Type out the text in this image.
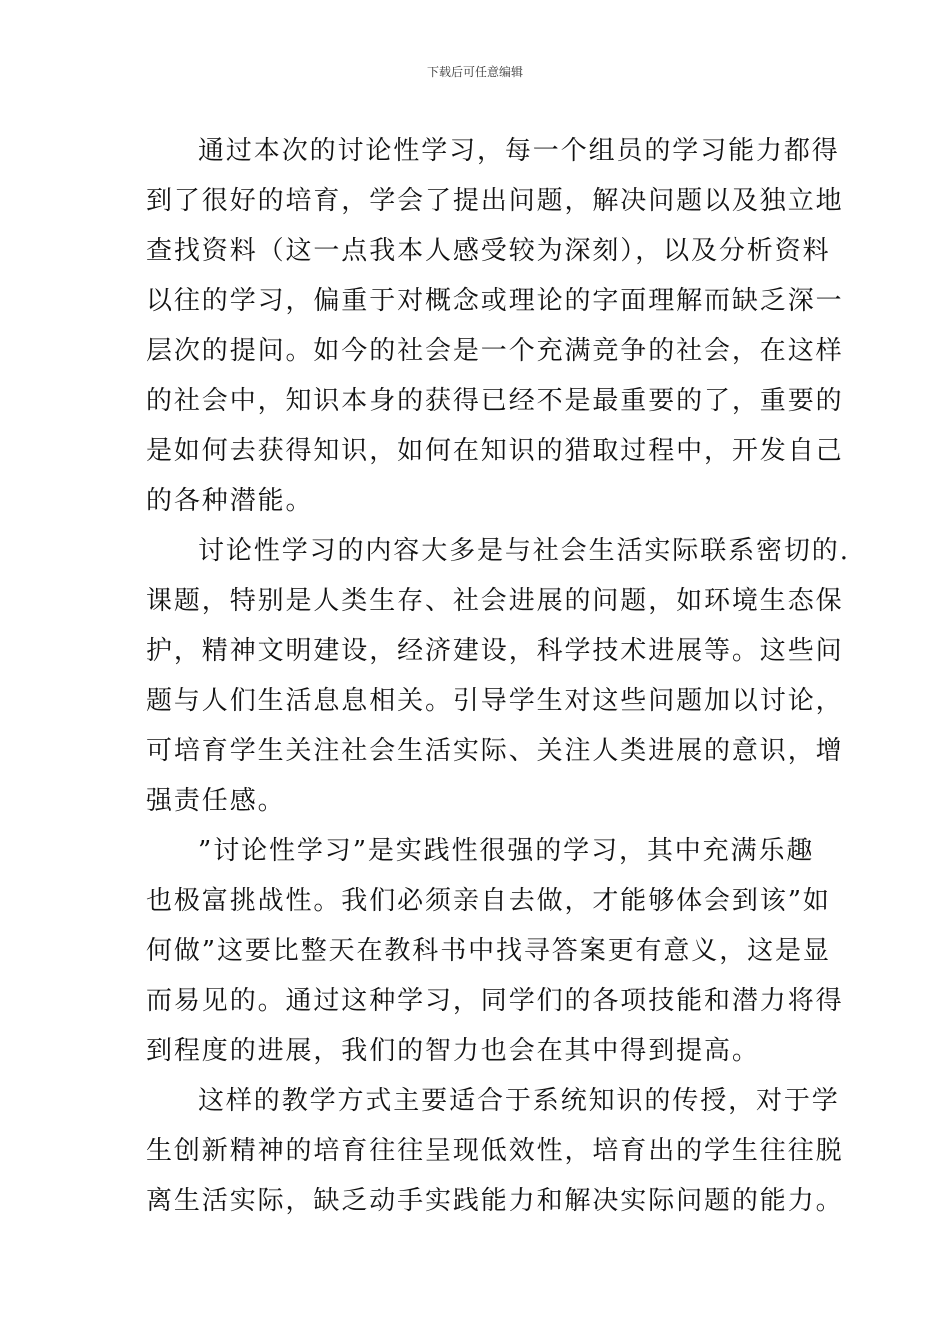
下载后可任意编辑
通过本次的讨论性学习，每一个组员的学习能力都得
到了很好的培育，学会了提出问题，解决问题以及独立地
查找资料（这一点我本人感受较为深刻），以及分析资料
以往的学习，偏重于对概念或理论的字面理解而缺乏深一
层次的提问。如今的社会是一个充满竞争的社会，在这样
的社会中，知识本身的获得已经不是最重要的了，重要的
是如何去获得知识，如何在知识的猎取过程中，开发自己
的各种潜能。
讨论性学习的内容大多是与社会生活实际联系密切的.
课题，特别是人类生存、社会进展的问题，如环境生态保
护，精神文明建设，经济建设，科学技术进展等。这些问
题与人们生活息息相关。引导学生对这些问题加以讨论，
可培育学生关注社会生活实际、关注人类进展的意识，增
强责任感。
”讨论性学习”是实践性很强的学习，其中充满乐趣
也极富挑战性。我们必须亲自去做，才能够体会到该”如
何做”这要比整天在教科书中找寻答案更有意义，这是显
而易见的。通过这种学习，同学们的各项技能和潜力将得
到程度的进展，我们的智力也会在其中得到提高。
这样的教学方式主要适合于系统知识的传授，对于学
生创新精神的培育往往呈现低效性，培育出的学生往往脱
离生活实际，缺乏动手实践能力和解决实际问题的能力。
